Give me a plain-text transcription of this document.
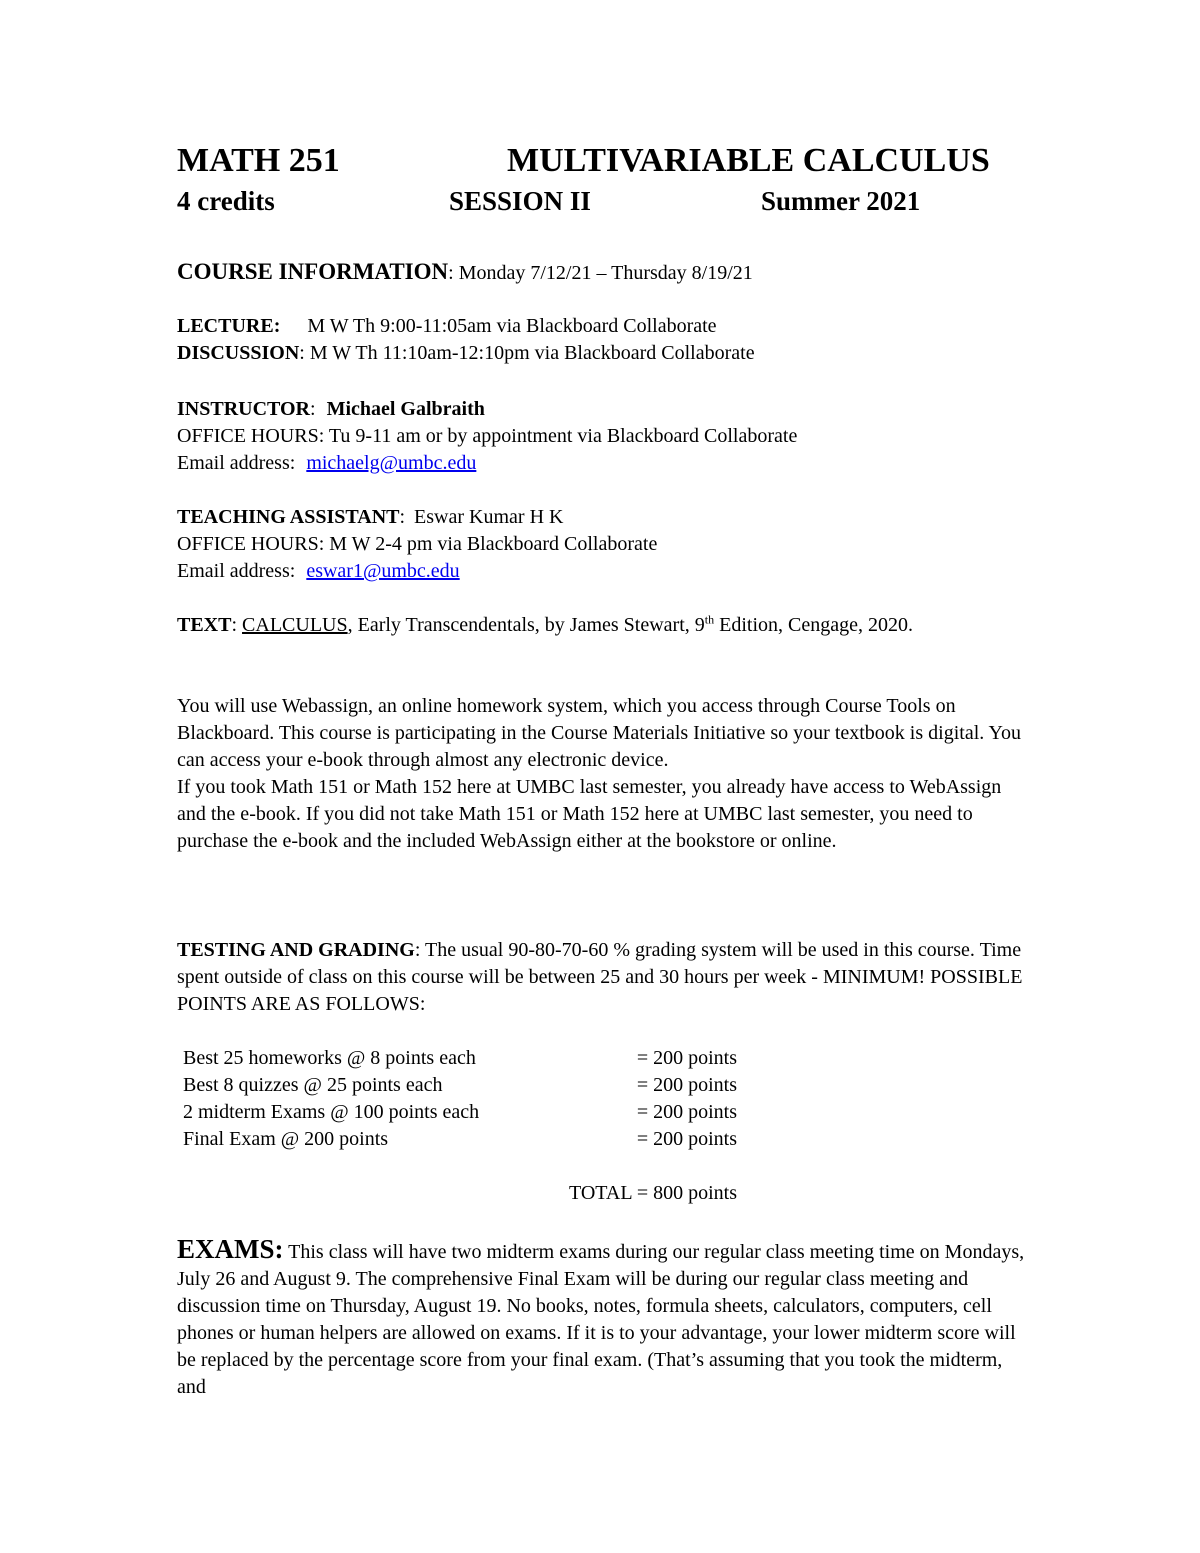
MATH 251	MULTIVARIABLE CALCULUS
4 credits	SESSION II	Summer 2021
COURSE INFORMATION: Monday 7/12/21 – Thursday 8/19/21
LECTURE: M W Th 9:00-11:05am via Blackboard Collaborate
DISCUSSION: M W Th 11:10am-12:10pm via Blackboard Collaborate
INSTRUCTOR: Michael Galbraith
OFFICE HOURS: Tu 9-11 am or by appointment via Blackboard Collaborate
Email address: michaelg@umbc.edu
TEACHING ASSISTANT: Eswar Kumar H K
OFFICE HOURS: M W 2-4 pm via Blackboard Collaborate
Email address: eswar1@umbc.edu

TEXT: CALCULUS, Early Transcendentals, by James Stewart, 9th Edition, Cengage, 2020.

You will use Webassign, an online homework system, which you access through Course Tools on Blackboard. This course is participating in the Course Materials Initiative so your textbook is digital. You can access your e-book through almost any electronic device.

If you took Math 151 or Math 152 here at UMBC last semester, you already have access to WebAssign and the e-book. If you did not take Math 151 or Math 152 here at UMBC last semester, you need to purchase the e-book and the included WebAssign either at the bookstore or online.

TESTING AND GRADING: The usual 90-80-70-60 % grading system will be used in this course. Time spent outside of class on this course will be between 25 and 30 hours per week - MINIMUM! POSSIBLE POINTS ARE AS FOLLOWS:

Best 25 homeworks @ 8 points each	= 200 points
Best 8 quizzes @ 25 points each	= 200 points
2 midterm Exams @ 100 points each	= 200 points
Final Exam @ 200 points	= 200 points
TOTAL = 800 points

EXAMS: This class will have two midterm exams during our regular class meeting time on Mondays, July 26 and August 9. The comprehensive Final Exam will be during our regular class meeting and discussion time on Thursday, August 19. No books, notes, formula sheets, calculators, computers, cell phones or human helpers are allowed on exams. If it is to your advantage, your lower midterm score will be replaced by the percentage score from your final exam. (That’s assuming that you took the midterm, and
